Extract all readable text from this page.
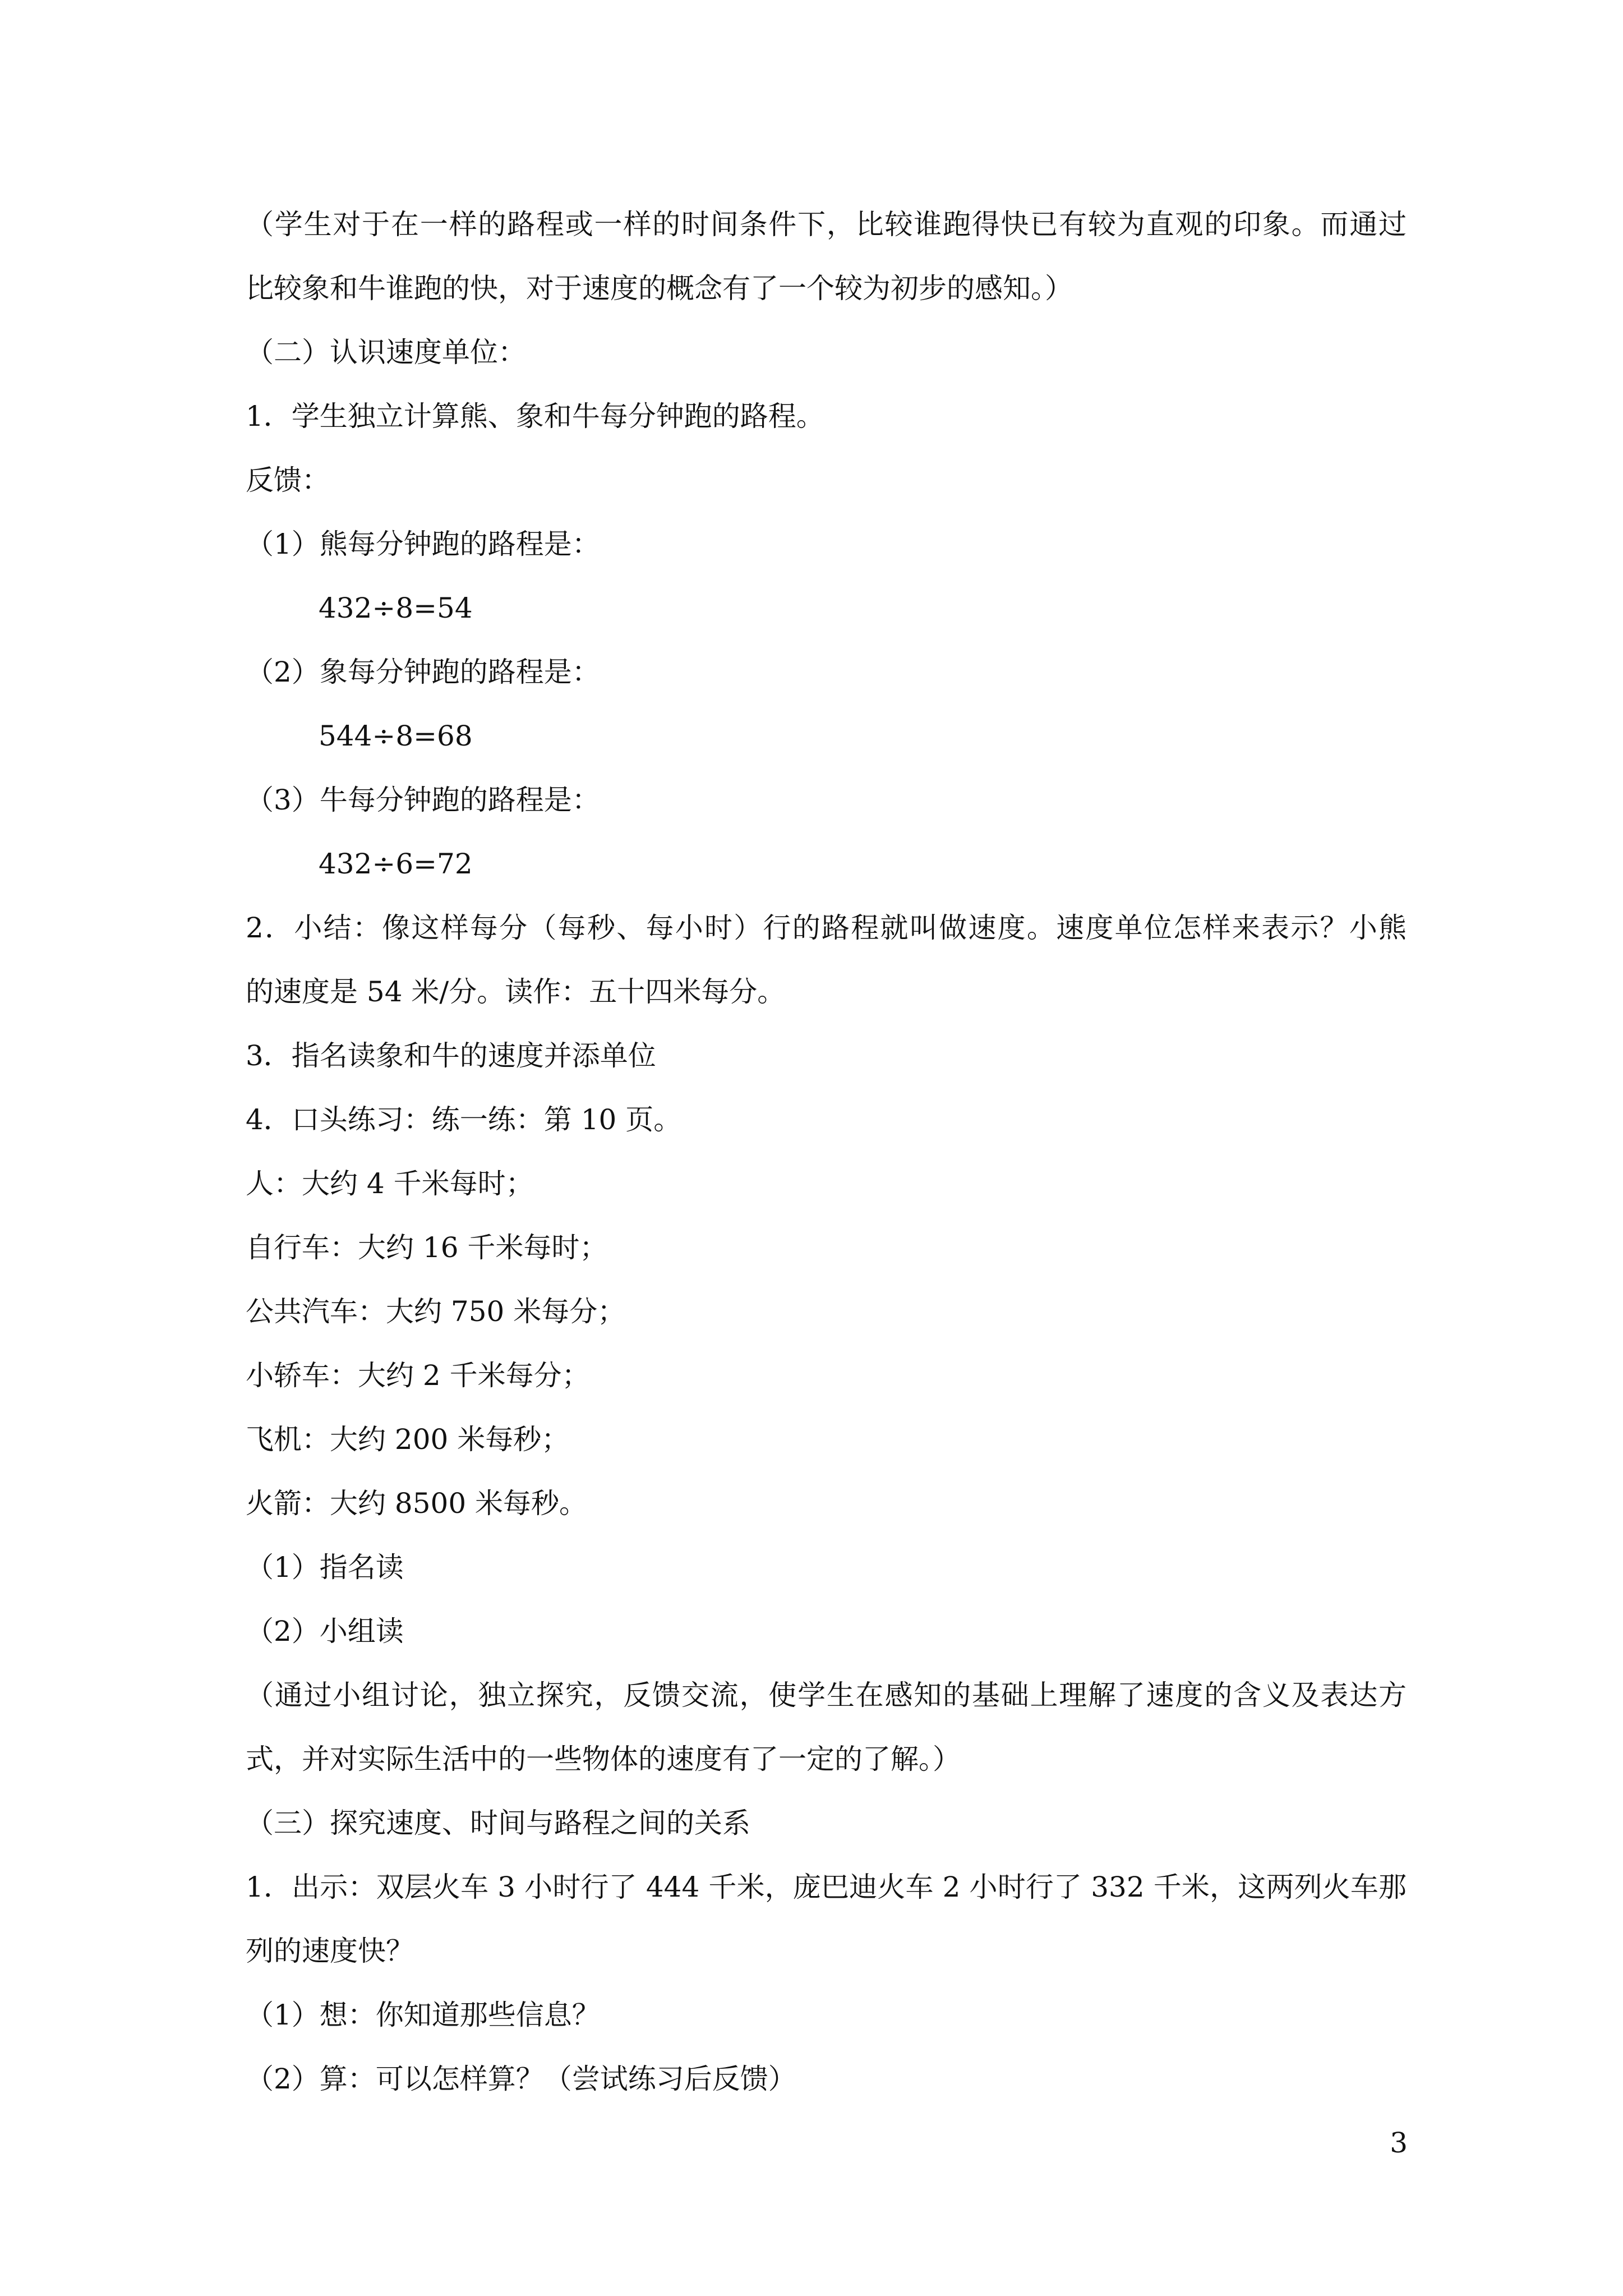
（学生对于在一样的路程或一样的时间条件下，比较谁跑得快已有较为直观的印象。而通过
比较象和牛谁跑的快，对于速度的概念有了一个较为初步的感知。）
（二）认识速度单位：
1．学生独立计算熊、象和牛每分钟跑的路程。
反馈：
（1）熊每分钟跑的路程是：
432÷8=54
（2）象每分钟跑的路程是：
544÷8=68
（3）牛每分钟跑的路程是：
432÷6=72
2．小结：像这样每分（每秒、每小时）行的路程就叫做速度。速度单位怎样来表示？小熊
的速度是 54 米/分。读作：五十四米每分。
3．指名读象和牛的速度并添单位
4．口头练习：练一练：第 10 页。
人：大约 4 千米每时；
自行车：大约 16 千米每时；
公共汽车：大约 750 米每分；
小轿车：大约 2 千米每分；
飞机：大约 200 米每秒；
火箭：大约 8500 米每秒。
（1）指名读
（2）小组读
（通过小组讨论，独立探究，反馈交流，使学生在感知的基础上理解了速度的含义及表达方
式，并对实际生活中的一些物体的速度有了一定的了解。）
（三）探究速度、时间与路程之间的关系
1．出示：双层火车 3 小时行了 444 千米，庞巴迪火车 2 小时行了 332 千米，这两列火车那
列的速度快？
（1）想：你知道那些信息？
（2）算：可以怎样算？（尝试练习后反馈）
3
